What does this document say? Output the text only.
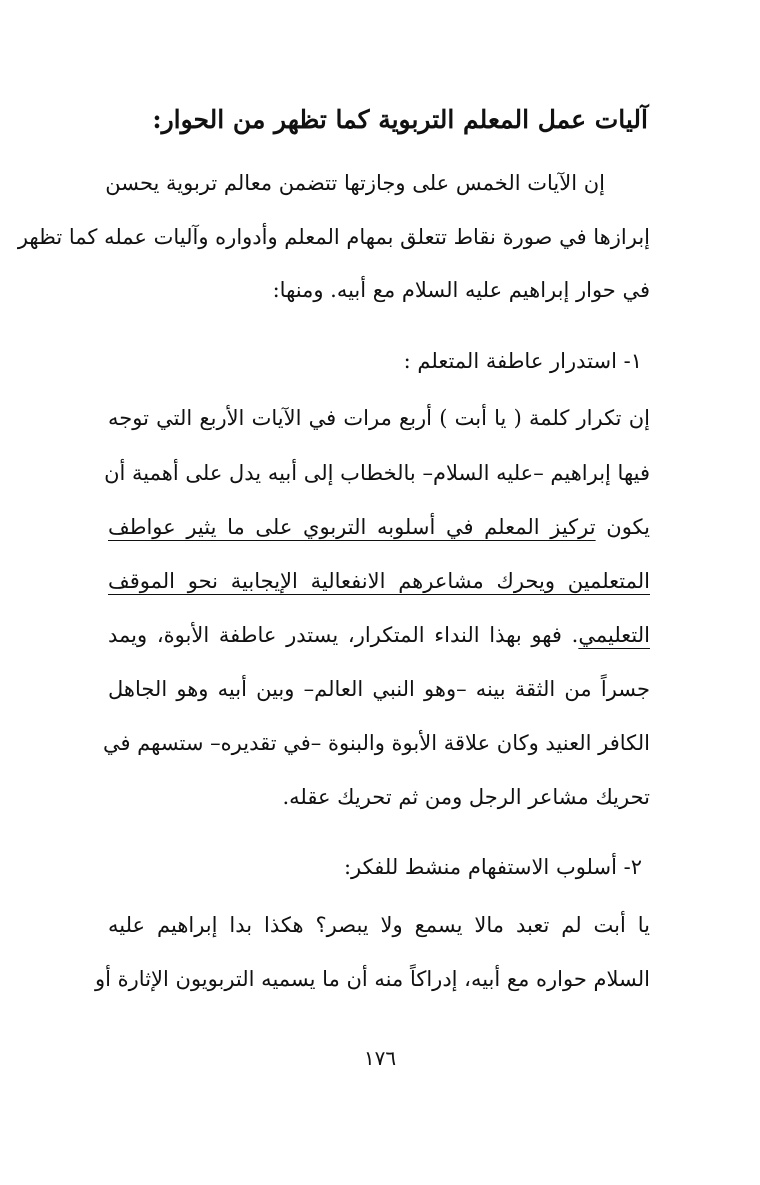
آليات عمل المعلم التربوية كما تظهر من الحوار:
إن الآيات الخمس على وجازتها تتضمن معالم تربوية يحسن
إبرازها في صورة نقاط تتعلق بمهام المعلم وأدواره وآليات عمله كما تظهر
في حوار إبراهيم عليه السلام مع أبيه. ومنها:
١- استدرار عاطفة المتعلم :
إن تكرار كلمة ( يا أبت ) أربع مرات في الآيات الأربع التي توجه
فيها إبراهيم –عليه السلام– بالخطاب إلى أبيه يدل على أهمية أن
يكون تركيز المعلم في أسلوبه التربوي على ما يثير عواطف
المتعلمين ويحرك مشاعرهم الانفعالية الإيجابية نحو الموقف
التعليمي. فهو بهذا النداء المتكرار، يستدر عاطفة الأبوة، ويمد
جسراً من الثقة بينه –وهو النبي العالم– وبين أبيه وهو الجاهل
الكافر العنيد وكان علاقة الأبوة والبنوة –في تقديره– ستسهم في
تحريك مشاعر الرجل ومن ثم تحريك عقله.
٢- أسلوب الاستفهام منشط للفكر:
يا أبت لم تعبد مالا يسمع ولا يبصر؟ هكذا بدا إبراهيم عليه
السلام حواره مع أبيه، إدراكاً منه أن ما يسميه التربويون الإثارة أو
١٧٦
